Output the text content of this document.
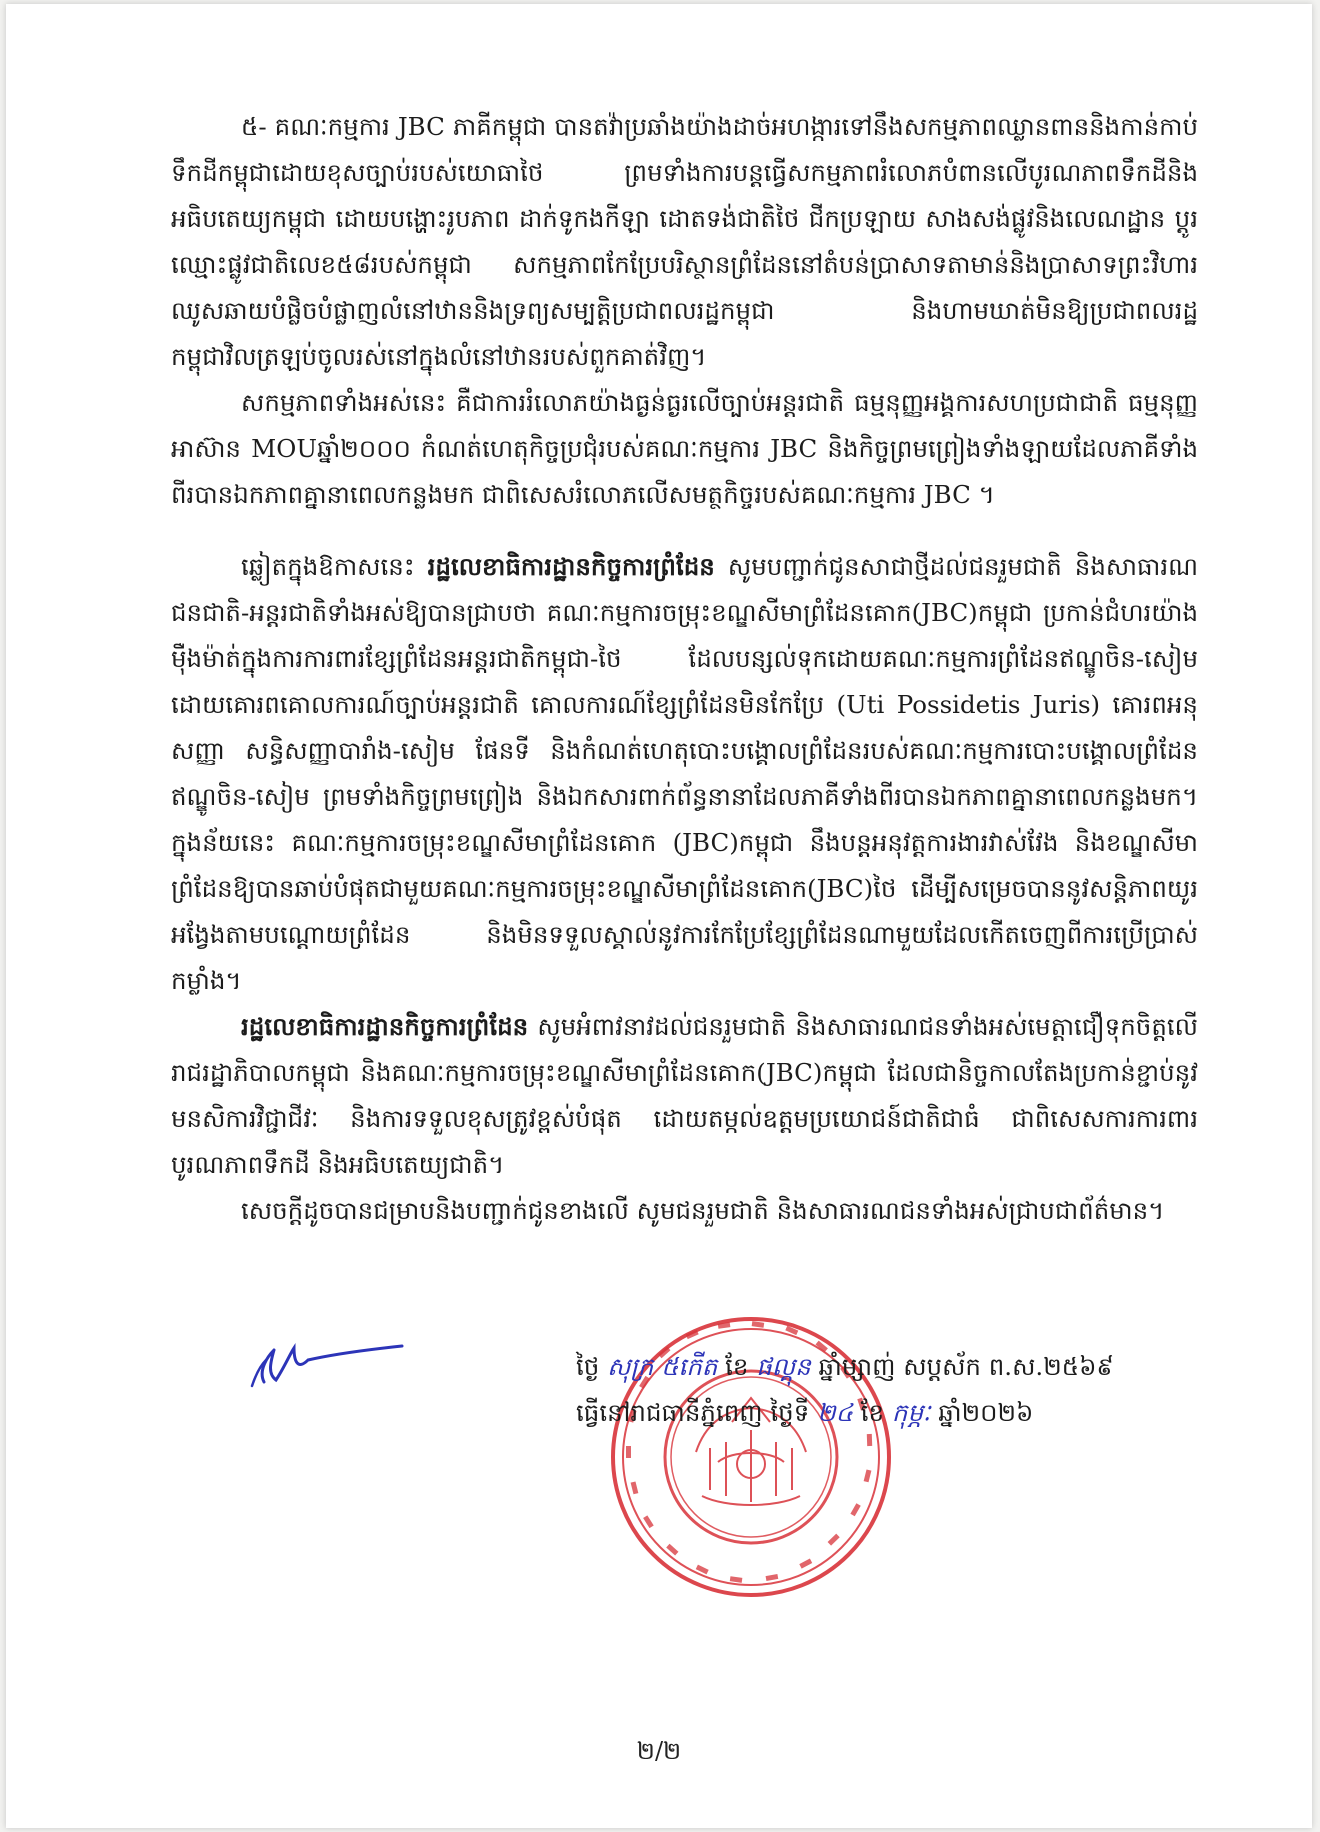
៥- គណៈកម្មការ JBC ភាគីកម្ពុជា បានតវ៉ាប្រឆាំងយ៉ាងដាច់អហង្ការទៅនឹងសកម្មភាពឈ្លានពាននិងកាន់កាប់ទឹកដីកម្ពុជាដោយខុសច្បាប់របស់យោធាថៃ ព្រមទាំងការបន្តធ្វើសកម្មភាពរំលោភបំពានលើបូរណភាពទឹកដីនិងអធិបតេយ្យកម្ពុជា ដោយបង្ហោះរូបភាព ដាក់ទូកងកីឡា ដោតទង់ជាតិថៃ ជីកប្រឡាយ សាងសង់ផ្លូវនិងលេណដ្ឋាន ប្តូរឈ្មោះផ្លូវជាតិលេខ៥៨របស់កម្ពុជា សកម្មភាពកែប្រែបរិស្ថានព្រំដែននៅតំបន់ប្រាសាទតាមាន់និងប្រាសាទព្រះវិហារ ឈូសឆាយបំផ្លិចបំផ្លាញលំនៅឋាននិងទ្រព្យសម្បត្តិប្រជាពលរដ្ឋកម្ពុជា និងហាមឃាត់មិនឱ្យប្រជាពលរដ្ឋកម្ពុជាវិលត្រឡប់ចូលរស់នៅក្នុងលំនៅឋានរបស់ពួកគាត់វិញ។

សកម្មភាពទាំងអស់នេះ គឺជាការរំលោភយ៉ាងធ្ងន់ធ្ងរលើច្បាប់អន្តរជាតិ ធម្មនុញ្ញអង្គការសហប្រជាជាតិ ធម្មនុញ្ញអាស៊ាន MOUឆ្នាំ២០០០ កំណត់ហេតុកិច្ចប្រជុំរបស់គណៈកម្មការ JBC និងកិច្ចព្រមព្រៀងទាំងឡាយដែលភាគីទាំងពីរបានឯកភាពគ្នានាពេលកន្លងមក ជាពិសេសរំលោភលើសមត្ថកិច្ចរបស់គណៈកម្មការ JBC ។

ឆ្លៀតក្នុងឱកាសនេះ រដ្ឋលេខាធិការដ្ឋានកិច្ចការព្រំដែន សូមបញ្ជាក់ជូនសាជាថ្មីដល់ជនរួមជាតិ និងសាធារណជនជាតិ-អន្តរជាតិទាំងអស់ឱ្យបានជ្រាបថា គណៈកម្មការចម្រុះខណ្ឌសីមាព្រំដែនគោក(JBC)កម្ពុជា ប្រកាន់ជំហរយ៉ាងម៉ឺងម៉ាត់ក្នុងការការពារខ្សែព្រំដែនអន្តរជាតិកម្ពុជា-ថៃ ដែលបន្សល់ទុកដោយគណៈកម្មការព្រំដែនឥណ្ឌូចិន-សៀម ដោយគោរពគោលការណ៍ច្បាប់អន្តរជាតិ គោលការណ៍ខ្សែព្រំដែនមិនកែប្រែ (Uti Possidetis Juris) គោរពអនុសញ្ញា សន្ធិសញ្ញាបារាំង-សៀម ផែនទី និងកំណត់ហេតុបោះបង្គោលព្រំដែនរបស់គណៈកម្មការបោះបង្គោលព្រំដែនឥណ្ឌូចិន-សៀម ព្រមទាំងកិច្ចព្រមព្រៀង និងឯកសារពាក់ព័ន្ធនានាដែលភាគីទាំងពីរបានឯកភាពគ្នានាពេលកន្លងមក។ ក្នុងន័យនេះ គណៈកម្មការចម្រុះខណ្ឌសីមាព្រំដែនគោក (JBC)កម្ពុជា នឹងបន្តអនុវត្តការងារវាស់វែង និងខណ្ឌសីមាព្រំដែនឱ្យបានឆាប់បំផុតជាមួយគណៈកម្មការចម្រុះខណ្ឌសីមាព្រំដែនគោក(JBC)ថៃ ដើម្បីសម្រេចបាននូវសន្តិភាពយូរអង្វែងតាមបណ្តោយព្រំដែន និងមិនទទួលស្គាល់នូវការកែប្រែខ្សែព្រំដែនណាមួយដែលកើតចេញពីការប្រើប្រាស់កម្លាំង។

រដ្ឋលេខាធិការដ្ឋានកិច្ចការព្រំដែន សូមអំពាវនាវដល់ជនរួមជាតិ និងសាធារណជនទាំងអស់មេត្តាជឿទុកចិត្តលើរាជរដ្ឋាភិបាលកម្ពុជា និងគណៈកម្មការចម្រុះខណ្ឌសីមាព្រំដែនគោក(JBC)កម្ពុជា ដែលជានិច្ចកាលតែងប្រកាន់ខ្ជាប់នូវមនសិការវិជ្ជាជីវៈ និងការទទួលខុសត្រូវខ្ពស់បំផុត ដោយតម្កល់ឧត្តមប្រយោជន៍ជាតិជាធំ ជាពិសេសការការពារបូរណភាពទឹកដី និងអធិបតេយ្យជាតិ។

សេចក្តីដូចបានជម្រាបនិងបញ្ជាក់ជូនខាងលើ សូមជនរួមជាតិ និងសាធារណជនទាំងអស់ជ្រាបជាព័ត៌មាន។

ថ្ងៃ សុក្រ ៥កើត ខែ ផល្គុន ឆ្នាំម្សាញ់ សប្តស័ក ព.ស.២៥៦៩
ធ្វើនៅរាជធានីភ្នំពេញ ថ្ងៃទី ២៤ ខែ កុម្ភៈ ឆ្នាំ២០២៦
២/២
